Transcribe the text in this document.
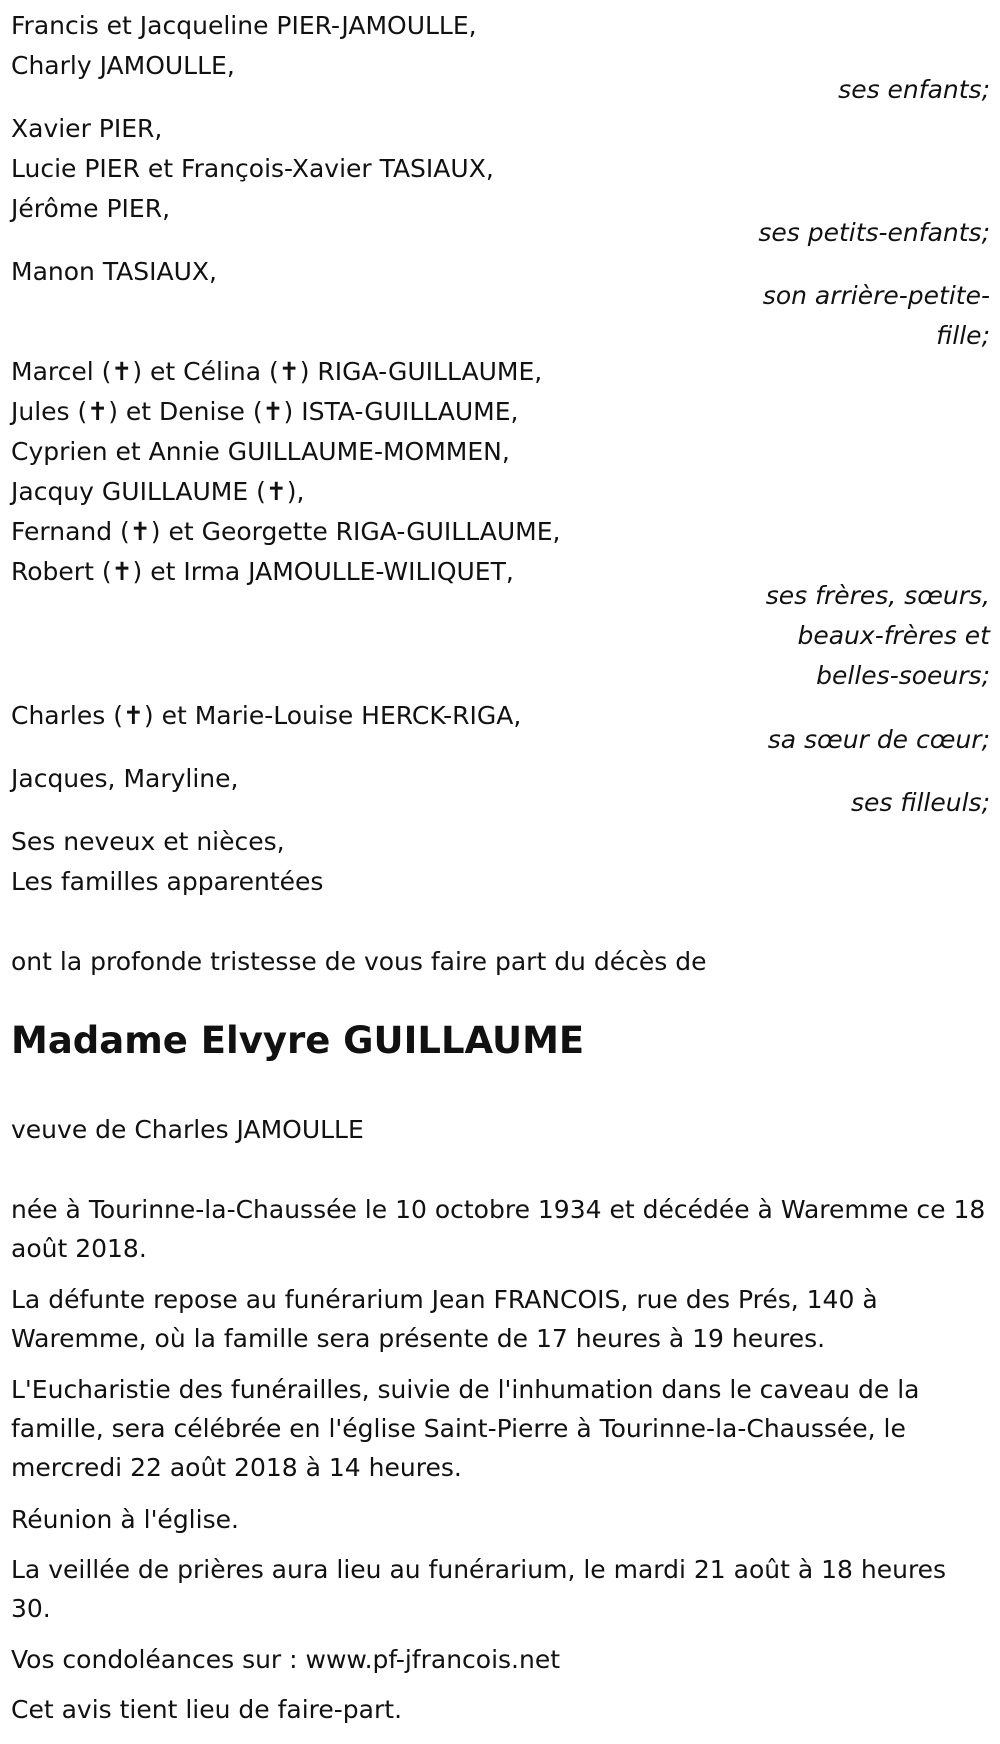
Francis et Jacqueline PIER-JAMOULLE,
Charly JAMOULLE,
ses enfants;
Xavier PIER,
Lucie PIER et François-Xavier TASIAUX,
Jérôme PIER,
ses petits-enfants;
Manon TASIAUX,
son arrière-petite-
fille;
Marcel (✝) et Célina (✝) RIGA-GUILLAUME,
Jules (✝) et Denise (✝) ISTA-GUILLAUME,
Cyprien et Annie GUILLAUME-MOMMEN,
Jacquy GUILLAUME (✝),
Fernand (✝) et Georgette RIGA-GUILLAUME,
Robert (✝) et Irma JAMOULLE-WILIQUET,
ses frères, sœurs,
beaux-frères et
belles-soeurs;
Charles (✝) et Marie-Louise HERCK-RIGA,
sa sœur de cœur;
Jacques, Maryline,
ses filleuls;
Ses neveux et nièces,
Les familles apparentées
ont la profonde tristesse de vous faire part du décès de
Madame Elvyre GUILLAUME
veuve de Charles JAMOULLE
née à Tourinne-la-Chaussée le 10 octobre 1934 et décédée à Waremme ce 18 août 2018.
La défunte repose au funérarium Jean FRANCOIS, rue des Prés, 140 à Waremme, où la famille sera présente de 17 heures à 19 heures.
L'Eucharistie des funérailles, suivie de l'inhumation dans le caveau de la famille, sera célébrée en l'église Saint-Pierre à Tourinne-la-Chaussée, le mercredi 22 août 2018 à 14 heures.
Réunion à l'église.
La veillée de prières aura lieu au funérarium, le mardi 21 août à 18 heures 30.
Vos condoléances sur : www.pf-jfrancois.net
Cet avis tient lieu de faire-part.
